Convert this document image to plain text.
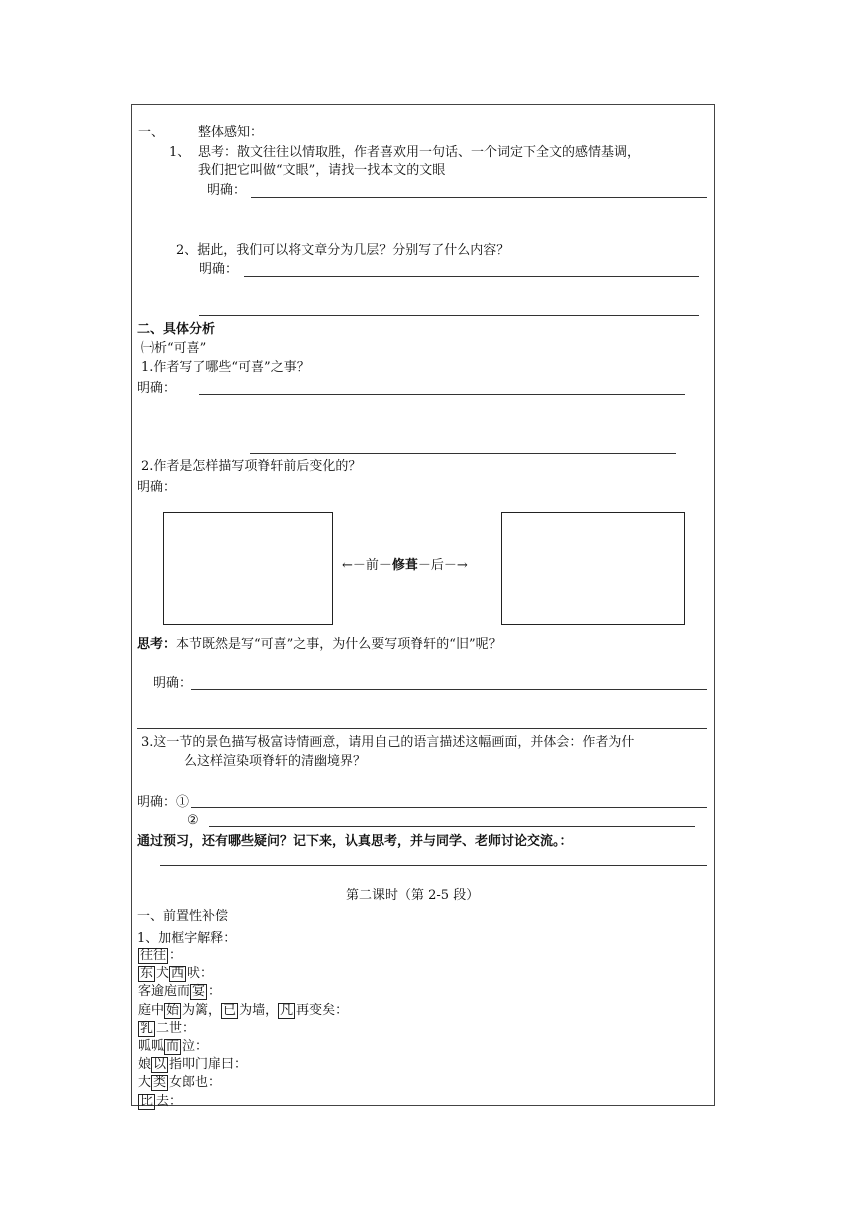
一、	整体感知：
1、 思考：散文往往以情取胜，作者喜欢用一句话、一个词定下全文的感情基调，
我们把它叫做“文眼”，请找一找本文的文眼
明确：
2、据此，我们可以将文章分为几层？分别写了什么内容？
明确：
二、具体分析
㈠析“可喜”
1.作者写了哪些“可喜”之事？
明确：
2.作者是怎样描写项脊轩前后变化的？
明确：
←－前－修葺－后－→
思考：本节既然是写“可喜”之事，为什么要写项脊轩的“旧”呢？
明确：
3.这一节的景色描写极富诗情画意，请用自己的语言描述这幅画面，并体会：作者为什
么这样渲染项脊轩的清幽境界？
明确：①
②
通过预习，还有哪些疑问？记下来，认真思考，并与同学、老师讨论交流。：
第二课时（第 2-5 段）
一、前置性补偿
1、加框字解释：
往往 ：
东 犬 西 吠：
客逾庖而 宴 ：
庭中 始 为篱， 已 为墙， 凡 再变矣：
乳 二世：
呱呱 而 泣：
娘 以 指叩门扉曰：
大 类 女郎也：
比 去：
